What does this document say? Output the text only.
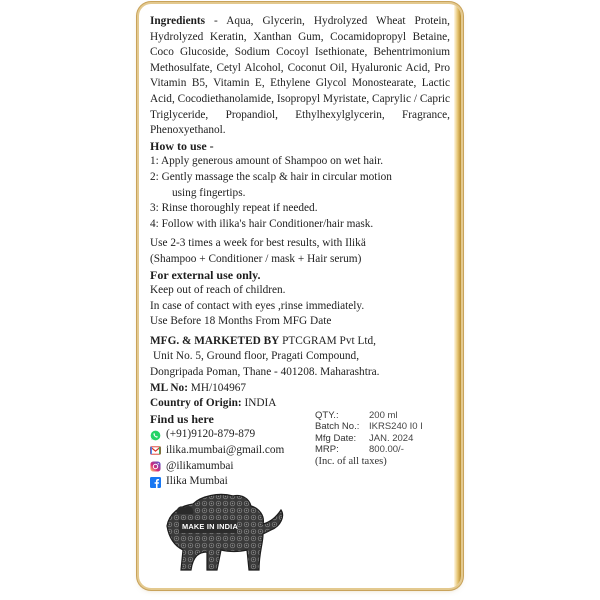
Ingredients - Aqua, Glycerin, Hydrolyzed Wheat Protein, Hydrolyzed Keratin, Xanthan Gum, Cocamidopropyl Betaine, Coco Glucoside, Sodium Cocoyl Isethionate, Behentrimonium Methosulfate, Cetyl Alcohol, Coconut Oil, Hyaluronic Acid, Pro Vitamin B5, Vitamin E, Ethylene Glycol Monostearate, Lactic Acid, Cocodiethanolamide, Isopropyl Myristate, Caprylic / Capric Triglyceride, Propandiol, Ethylhexylglycerin, Fragrance, Phenoxyethanol.

How to use -

1: Apply generous amount of Shampoo on wet hair.

2: Gently massage the scalp & hair in circular motion
using fingertips.

3: Rinse thoroughly repeat if needed.

4: Follow with ilika's hair Conditioner/hair mask.

Use 2-3 times a week for best results, with Ilikä

(Shampoo + Conditioner / mask + Hair serum)

For external use only.

Keep out of reach of children.

In case of contact with eyes ,rinse immediately.

Use Before 18 Months From MFG Date

MFG. & MARKETED BY PTCGRAM Pvt Ltd,

Unit No. 5, Ground floor, Pragati Compound,

Dongripada Poman, Thane - 401208. Maharashtra.

ML No: MH/104967

Country of Origin: INDIA

Find us here

(+91)9120-879-879
ilika.mumbai@gmail.com
@ilikamumbai
Ilika Mumbai
QTY.:	200 ml
Batch No.:	IKRS240 I0 I
Mfg Date:	JAN. 2024
MRP:	800.00/-
(Inc. of all taxes)
MAKE IN INDIA
